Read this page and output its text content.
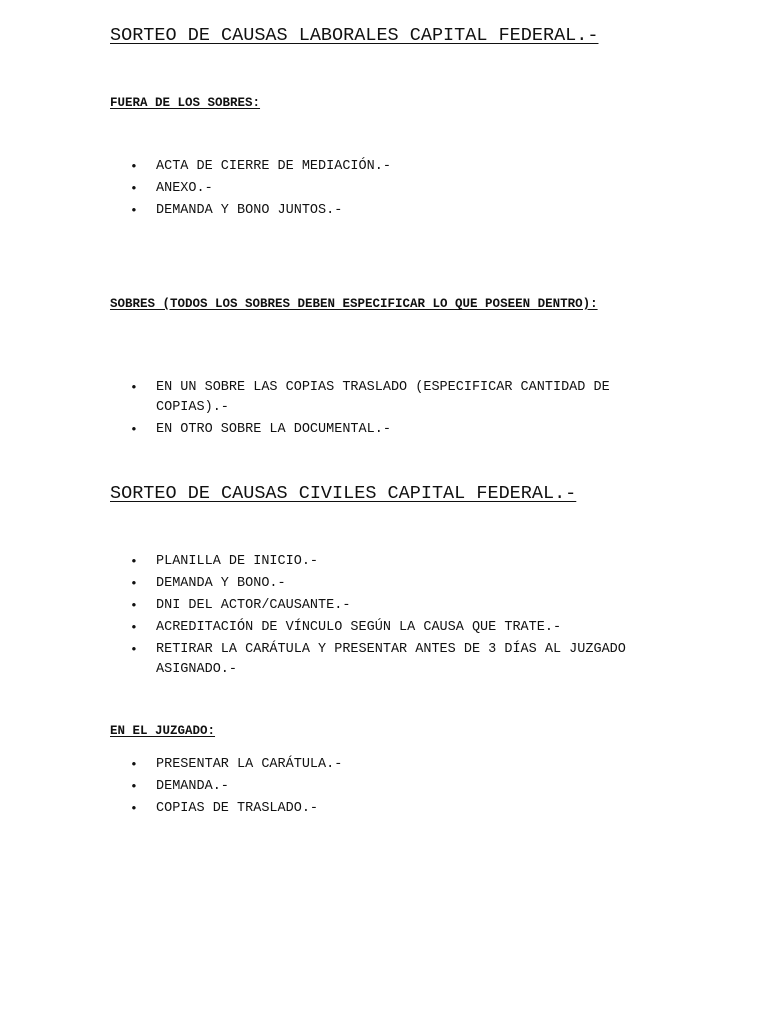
SORTEO DE CAUSAS LABORALES CAPITAL FEDERAL.-
FUERA DE LOS SOBRES:
• ACTA DE CIERRE DE MEDIACIÓN.-
• ANEXO.-
• DEMANDA Y BONO JUNTOS.-
SOBRES (TODOS LOS SOBRES DEBEN ESPECIFICAR LO QUE POSEEN DENTRO):
• EN UN SOBRE LAS COPIAS TRASLADO (ESPECIFICAR CANTIDAD DE COPIAS).-
• EN OTRO SOBRE LA DOCUMENTAL.-
SORTEO DE CAUSAS CIVILES CAPITAL FEDERAL.-
• PLANILLA DE INICIO.-
• DEMANDA Y BONO.-
• DNI DEL ACTOR/CAUSANTE.-
• ACREDITACIÓN DE VÍNCULO SEGÚN LA CAUSA QUE TRATE.-
• RETIRAR LA CARÁTULA Y PRESENTAR ANTES DE 3 DÍAS AL JUZGADO ASIGNADO.-
EN EL JUZGADO:
• PRESENTAR LA CARÁTULA.-
• DEMANDA.-
• COPIAS DE TRASLADO.-
